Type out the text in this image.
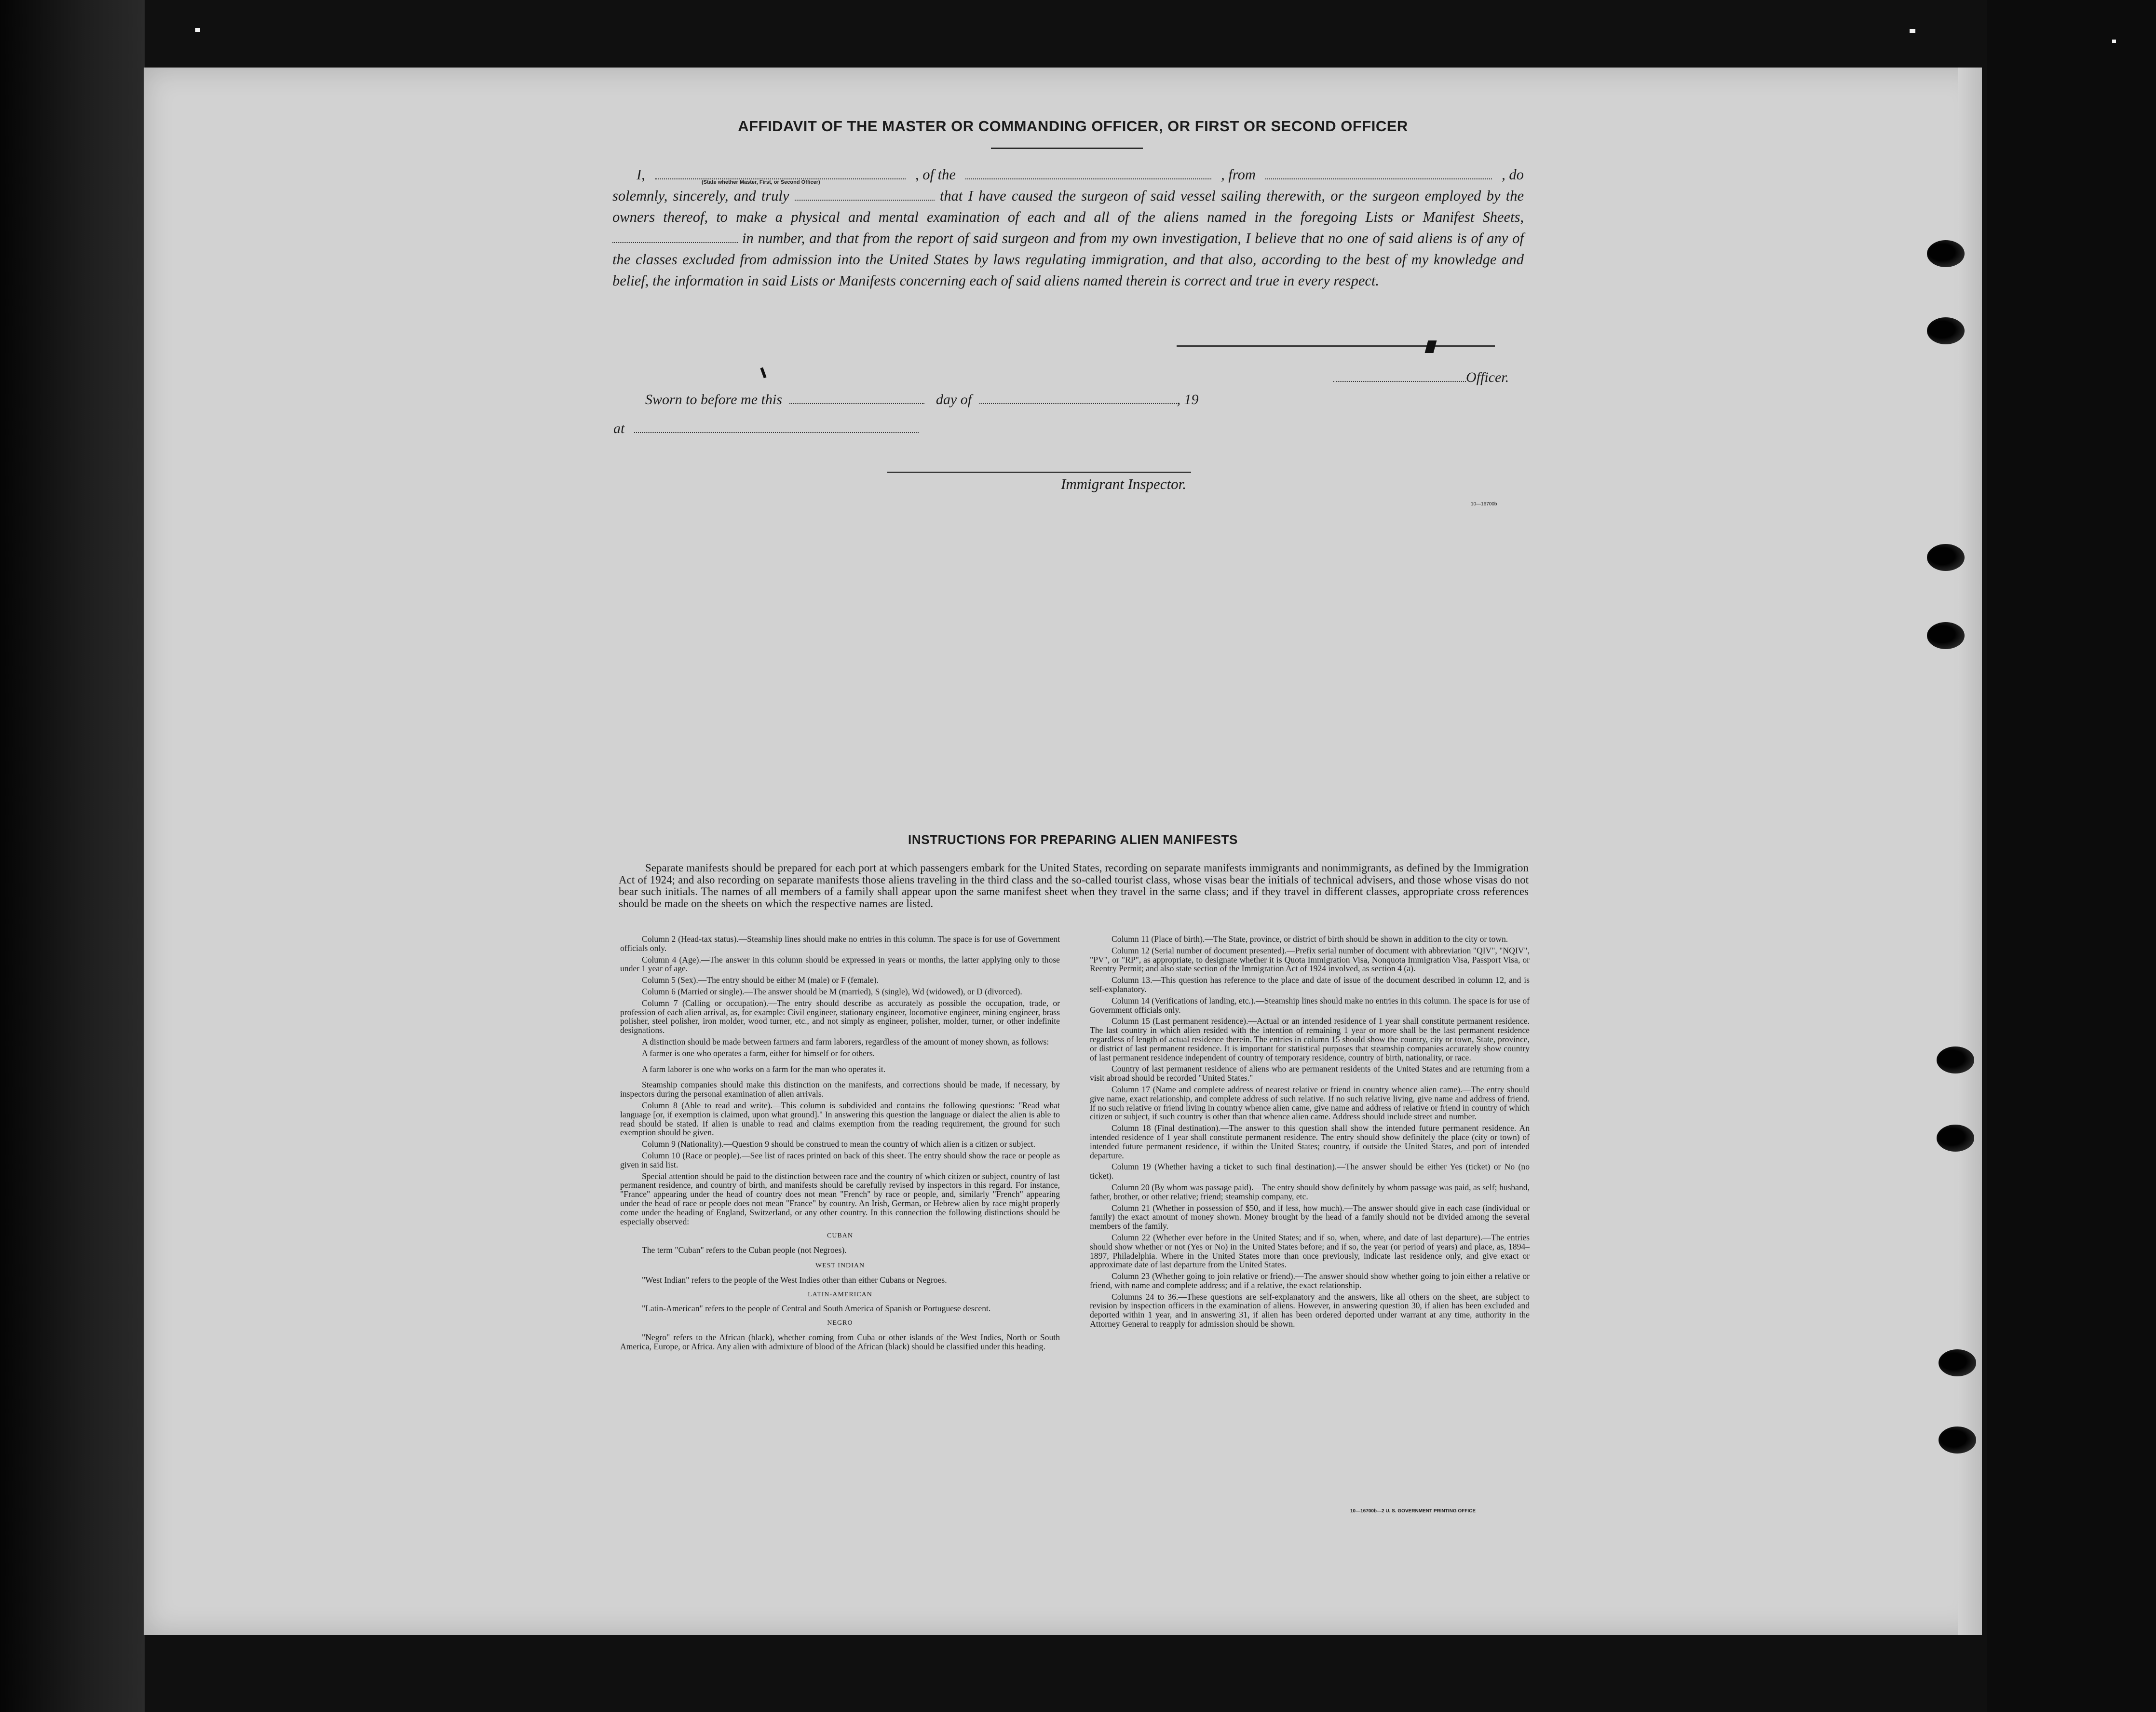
AFFIDAVIT OF THE MASTER OR COMMANDING OFFICER, OR FIRST OR SECOND OFFICER
I,	, of the	, from	, do
solemnly, sincerely, and truly	that I have caused the surgeon of said vessel sailing therewith, or the surgeon employed by the owners thereof, to make a physical and mental examination of each and all of the aliens named in the foregoing Lists or Manifest Sheets,  in number, and that from the report of said surgeon and from my own investigation, I believe that no one of said aliens is of any of the classes excluded from admission into the United States by laws regulating immigration, and that also, according to the best of my knowledge and belief, the information in said Lists or Manifests concerning each of said aliens named therein is correct and true in every respect.
(State whether Master, First, or Second Officer)
Officer.
Sworn to before me this	day of	, 19
at
Immigrant Inspector.
10—16700b
INSTRUCTIONS FOR PREPARING ALIEN MANIFESTS
Separate manifests should be prepared for each port at which passengers embark for the United States, recording on separate manifests immigrants and nonimmigrants, as defined by the Immigration Act of 1924; and also recording on separate manifests those aliens traveling in the third class and the so-called tourist class, whose visas bear the initials of technical advisers, and those whose visas do not bear such initials. The names of all members of a family shall appear upon the same manifest sheet when they travel in the same class; and if they travel in different classes, appropriate cross references should be made on the sheets on which the respective names are listed.

Column 2 (Head-tax status).—Steamship lines should make no entries in this column. The space is for use of Government officials only.

Column 4 (Age).—The answer in this column should be expressed in years or months, the latter applying only to those under 1 year of age.

Column 5 (Sex).—The entry should be either M (male) or F (female).

Column 6 (Married or single).—The answer should be M (married), S (single), Wd (widowed), or D (divorced).

Column 7 (Calling or occupation).—The entry should describe as accurately as possible the occupation, trade, or profession of each alien arrival, as, for example: Civil engineer, stationary engineer, locomotive engineer, mining engineer, brass polisher, steel polisher, iron molder, wood turner, etc., and not simply as engineer, polisher, molder, turner, or other indefinite designations.

A distinction should be made between farmers and farm laborers, regardless of the amount of money shown, as follows:

A farmer is one who operates a farm, either for himself or for others.

A farm laborer is one who works on a farm for the man who operates it.

Steamship companies should make this distinction on the manifests, and corrections should be made, if necessary, by inspectors during the personal examination of alien arrivals.

Column 8 (Able to read and write).—This column is subdivided and contains the following questions: "Read what language [or, if exemption is claimed, upon what ground]." In answering this question the language or dialect the alien is able to read should be stated. If alien is unable to read and claims exemption from the reading requirement, the ground for such exemption should be given.

Column 9 (Nationality).—Question 9 should be construed to mean the country of which alien is a citizen or subject.

Column 10 (Race or people).—See list of races printed on back of this sheet. The entry should show the race or people as given in said list.

Special attention should be paid to the distinction between race and the country of which citizen or subject, country of last permanent residence, and country of birth, and manifests should be carefully revised by inspectors in this regard. For instance, "France" appearing under the head of country does not mean "French" by race or people, and, similarly "French" appearing under the head of race or people does not mean "France" by country. An Irish, German, or Hebrew alien by race might properly come under the heading of England, Switzerland, or any other country. In this connection the following distinctions should be especially observed:

CUBAN

The term "Cuban" refers to the Cuban people (not Negroes).

WEST INDIAN

"West Indian" refers to the people of the West Indies other than either Cubans or Negroes.

LATIN-AMERICAN

"Latin-American" refers to the people of Central and South America of Spanish or Portuguese descent.

NEGRO

"Negro" refers to the African (black), whether coming from Cuba or other islands of the West Indies, North or South America, Europe, or Africa. Any alien with admixture of blood of the African (black) should be classified under this heading.

Column 11 (Place of birth).—The State, province, or district of birth should be shown in addition to the city or town.

Column 12 (Serial number of document presented).—Prefix serial number of document with abbreviation "QIV", "NQIV", "PV", or "RP", as appropriate, to designate whether it is Quota Immigration Visa, Nonquota Immigration Visa, Passport Visa, or Reentry Permit; and also state section of the Immigration Act of 1924 involved, as section 4 (a).

Column 13.—This question has reference to the place and date of issue of the document described in column 12, and is self-explanatory.

Column 14 (Verifications of landing, etc.).—Steamship lines should make no entries in this column. The space is for use of Government officials only.

Column 15 (Last permanent residence).—Actual or an intended residence of 1 year shall constitute permanent residence. The last country in which alien resided with the intention of remaining 1 year or more shall be the last permanent residence regardless of length of actual residence therein. The entries in column 15 should show the country, city or town, State, province, or district of last permanent residence. It is important for statistical purposes that steamship companies accurately show country of last permanent residence independent of country of temporary residence, country of birth, nationality, or race.

Country of last permanent residence of aliens who are permanent residents of the United States and are returning from a visit abroad should be recorded "United States."

Column 17 (Name and complete address of nearest relative or friend in country whence alien came).—The entry should give name, exact relationship, and complete address of such relative. If no such relative living, give name and address of friend. If no such relative or friend living in country whence alien came, give name and address of relative or friend in country of which citizen or subject, if such country is other than that whence alien came. Address should include street and number.

Column 18 (Final destination).—The answer to this question shall show the intended future permanent residence. An intended residence of 1 year shall constitute permanent residence. The entry should show definitely the place (city or town) of intended future permanent residence, if within the United States; country, if outside the United States, and port of intended departure.

Column 19 (Whether having a ticket to such final destination).—The answer should be either Yes (ticket) or No (no ticket).

Column 20 (By whom was passage paid).—The entry should show definitely by whom passage was paid, as self; husband, father, brother, or other relative; friend; steamship company, etc.

Column 21 (Whether in possession of $50, and if less, how much).—The answer should give in each case (individual or family) the exact amount of money shown. Money brought by the head of a family should not be divided among the several members of the family.

Column 22 (Whether ever before in the United States; and if so, when, where, and date of last departure).—The entries should show whether or not (Yes or No) in the United States before; and if so, the year (or period of years) and place, as, 1894–1897, Philadelphia. Where in the United States more than once previously, indicate last residence only, and give exact or approximate date of last departure from the United States.

Column 23 (Whether going to join relative or friend).—The answer should show whether going to join either a relative or friend, with name and complete address; and if a relative, the exact relationship.

Columns 24 to 36.—These questions are self-explanatory and the answers, like all others on the sheet, are subject to revision by inspection officers in the examination of aliens. However, in answering question 30, if alien has been excluded and deported within 1 year, and in answering 31, if alien has been ordered deported under warrant at any time, authority in the Attorney General to reapply for admission should be shown.

10—16700b—2 U. S. GOVERNMENT PRINTING OFFICE
